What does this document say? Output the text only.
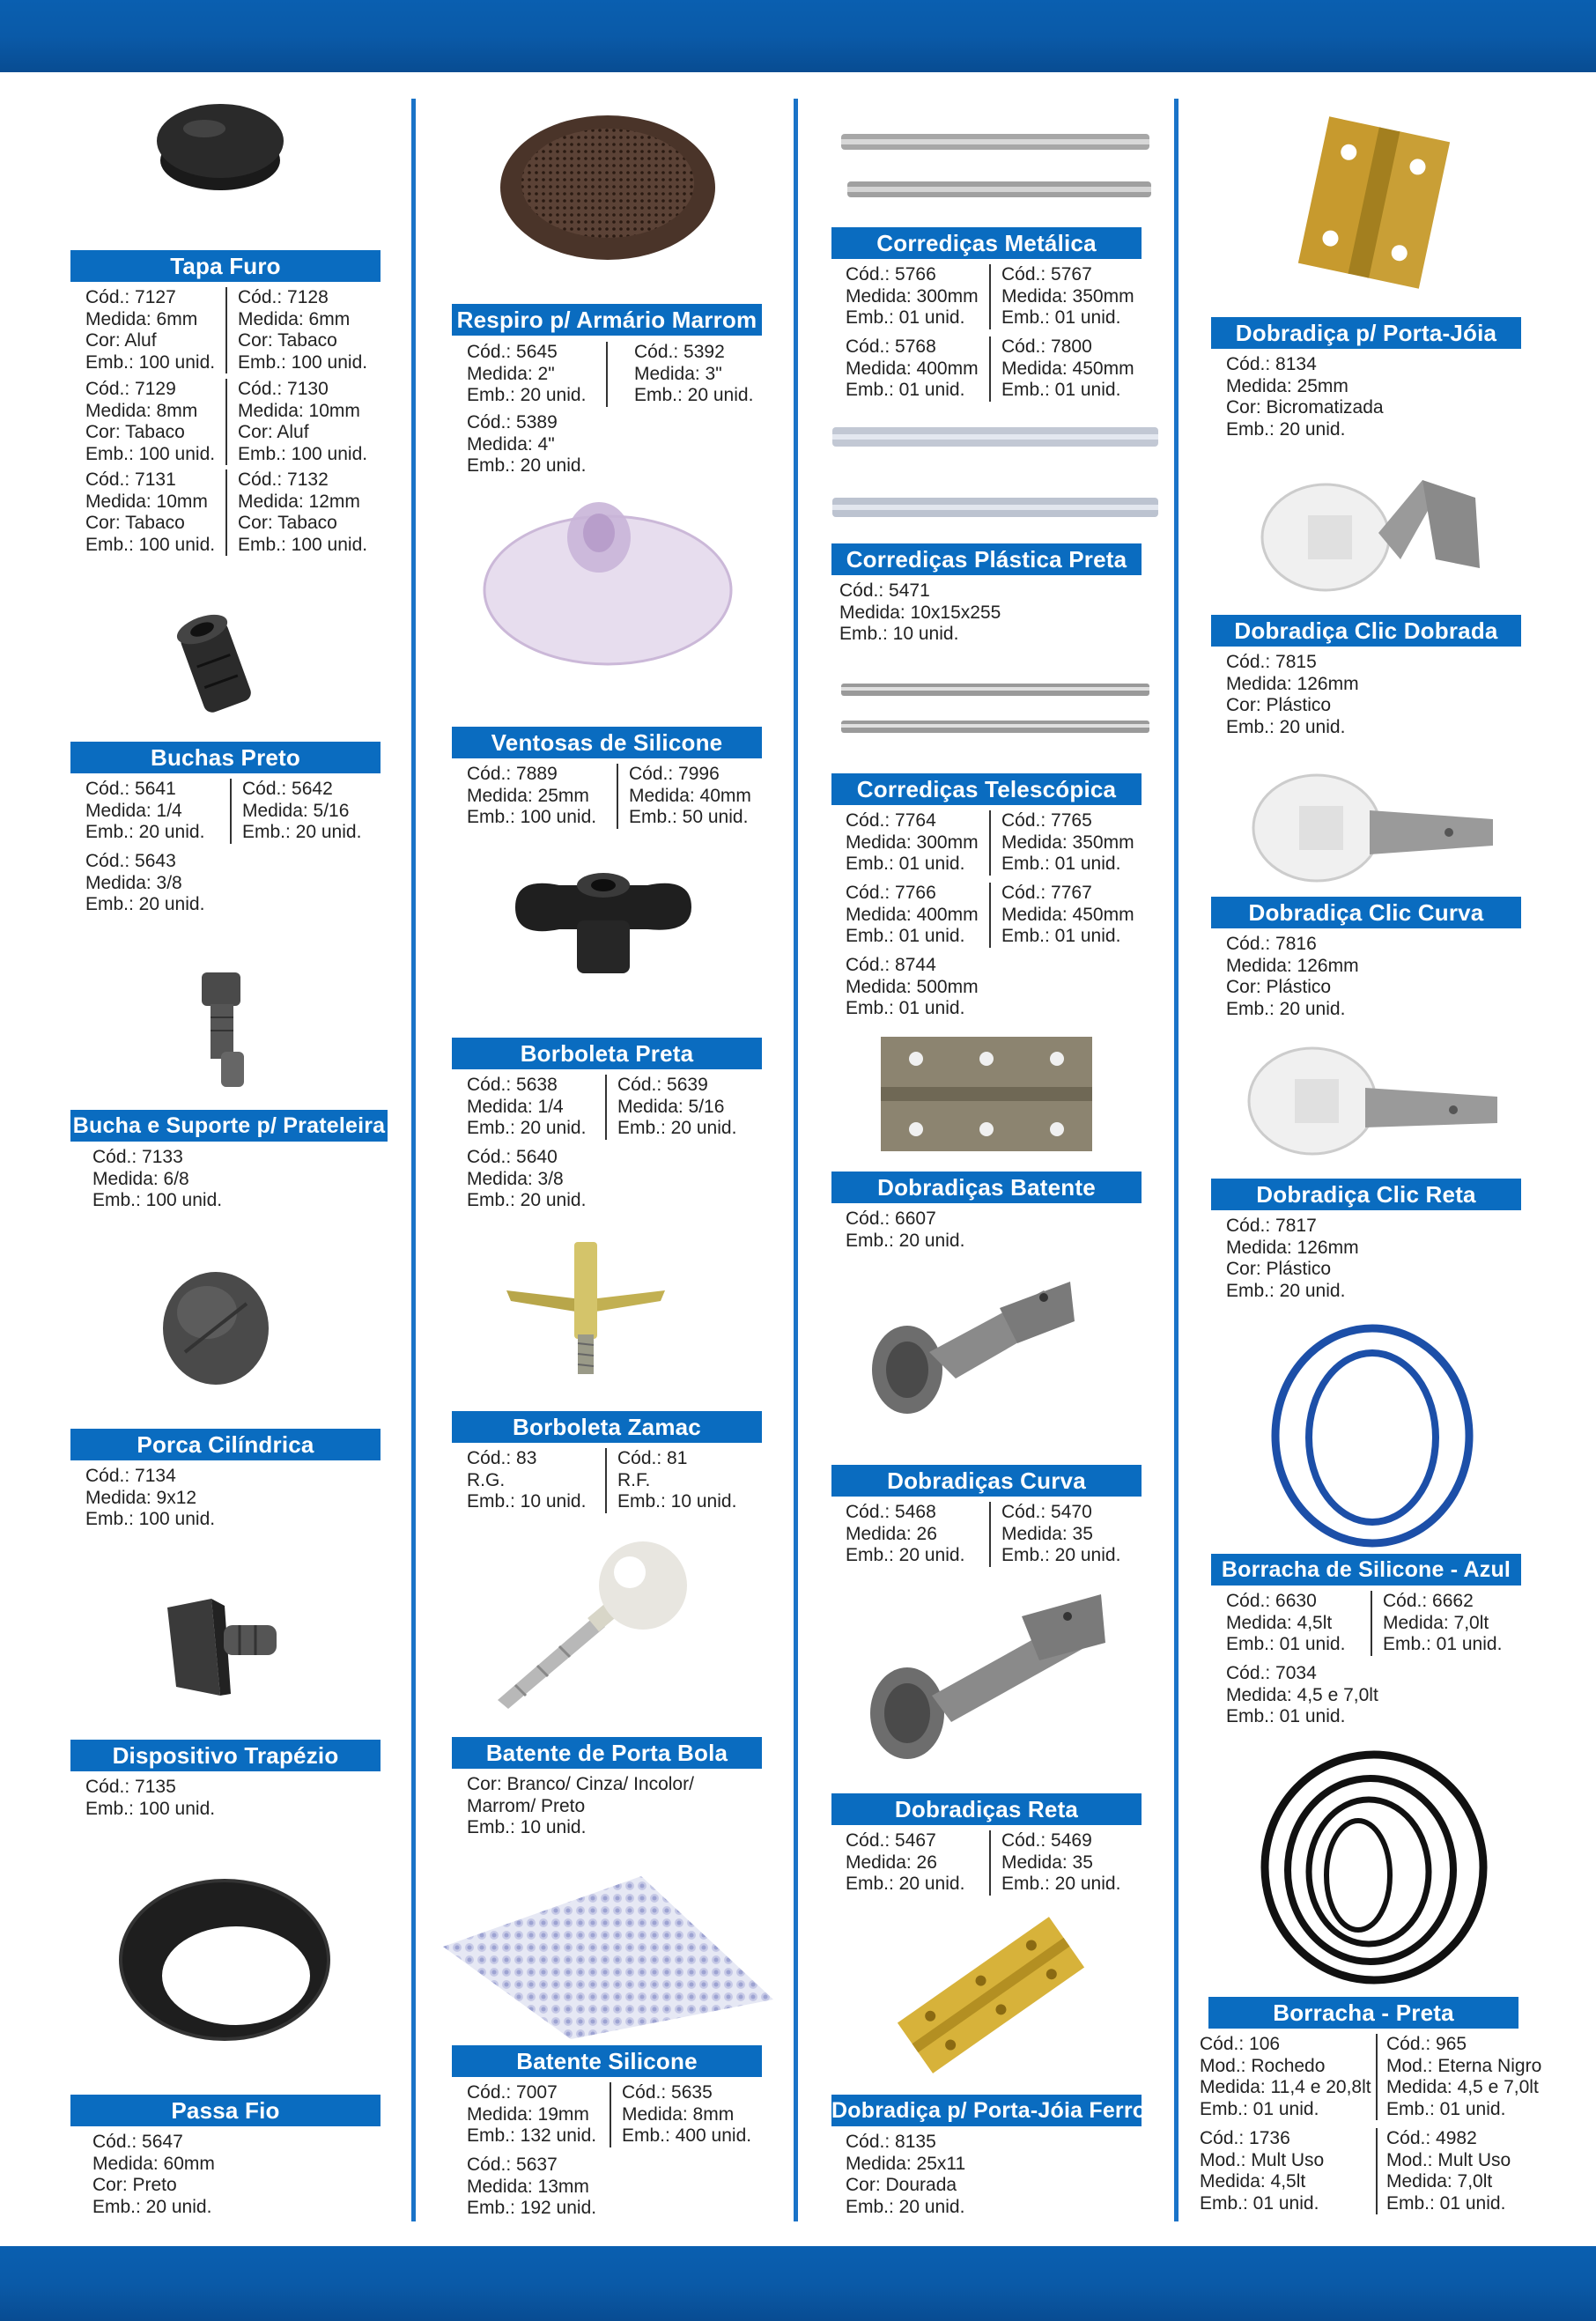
Tapa Furo
Cód.: 7127
Medida: 6mm
Cor: Aluf
Emb.: 100 unid.
Cód.: 7128
Medida: 6mm
Cor: Tabaco
Emb.: 100 unid.
Cód.: 7129
Medida: 8mm
Cor: Tabaco
Emb.: 100 unid.
Cód.: 7130
Medida: 10mm
Cor: Aluf
Emb.: 100 unid.
Cód.: 7131
Medida: 10mm
Cor: Tabaco
Emb.: 100 unid.
Cód.: 7132
Medida: 12mm
Cor: Tabaco
Emb.: 100 unid.
Buchas Preto
Cód.: 5641
Medida: 1/4
Emb.: 20 unid.
Cód.: 5642
Medida: 5/16
Emb.: 20 unid.
Cód.: 5643
Medida: 3/8
Emb.: 20 unid.
Bucha e Suporte p/ Prateleira
Cód.: 7133
Medida: 6/8
Emb.: 100 unid.
Porca Cilíndrica
Cód.: 7134
Medida: 9x12
Emb.: 100 unid.
Dispositivo Trapézio
Cód.: 7135
Emb.: 100 unid.
Passa Fio
Cód.: 5647
Medida: 60mm
Cor: Preto
Emb.: 20 unid.
Respiro p/ Armário Marrom
Cód.: 5645
Medida: 2"
Emb.: 20 unid.
Cód.: 5392
Medida: 3"
Emb.: 20 unid.
Cód.: 5389
Medida: 4"
Emb.: 20 unid.
Ventosas de Silicone
Cód.: 7889
Medida: 25mm
Emb.: 100 unid.
Cód.: 7996
Medida: 40mm
Emb.: 50 unid.
Borboleta Preta
Cód.: 5638
Medida: 1/4
Emb.: 20 unid.
Cód.: 5639
Medida: 5/16
Emb.: 20 unid.
Cód.: 5640
Medida: 3/8
Emb.: 20 unid.
Borboleta Zamac
Cód.: 83
R.G.
Emb.: 10 unid.
Cód.: 81
R.F.
Emb.: 10 unid.
Batente de Porta Bola
Cor: Branco/ Cinza/ Incolor/
Marrom/ Preto
Emb.: 10 unid.
Batente Silicone
Cód.: 7007
Medida: 19mm
Emb.: 132 unid.
Cód.: 5635
Medida: 8mm
Emb.: 400 unid.
Cód.: 5637
Medida: 13mm
Emb.: 192 unid.
Corrediças Metálica
Cód.: 5766
Medida: 300mm
Emb.: 01 unid.
Cód.: 5767
Medida: 350mm
Emb.: 01 unid.
Cód.: 5768
Medida: 400mm
Emb.: 01 unid.
Cód.: 7800
Medida: 450mm
Emb.: 01 unid.
Corrediças Plástica Preta
Cód.: 5471
Medida: 10x15x255
Emb.: 10 unid.
Corrediças Telescópica
Cód.: 7764
Medida: 300mm
Emb.: 01 unid.
Cód.: 7765
Medida: 350mm
Emb.: 01 unid.
Cód.: 7766
Medida: 400mm
Emb.: 01 unid.
Cód.: 7767
Medida: 450mm
Emb.: 01 unid.
Cód.: 8744
Medida: 500mm
Emb.: 01 unid.
Dobradiças Batente
Cód.: 6607
Emb.: 20 unid.
Dobradiças Curva
Cód.: 5468
Medida: 26
Emb.: 20 unid.
Cód.: 5470
Medida: 35
Emb.: 20 unid.
Dobradiças Reta
Cód.: 5467
Medida: 26
Emb.: 20 unid.
Cód.: 5469
Medida: 35
Emb.: 20 unid.
Dobradiça p/ Porta-Jóia Ferro
Cód.: 8135
Medida: 25x11
Cor: Dourada
Emb.: 20 unid.
Dobradiça p/ Porta-Jóia
Cód.: 8134
Medida: 25mm
Cor: Bicromatizada
Emb.: 20 unid.
Dobradiça Clic Dobrada
Cód.: 7815
Medida: 126mm
Cor: Plástico
Emb.: 20 unid.
Dobradiça Clic Curva
Cód.: 7816
Medida: 126mm
Cor: Plástico
Emb.: 20 unid.
Dobradiça Clic Reta
Cód.: 7817
Medida: 126mm
Cor: Plástico
Emb.: 20 unid.
Borracha de Silicone - Azul
Cód.: 6630
Medida: 4,5lt
Emb.: 01 unid.
Cód.: 6662
Medida: 7,0lt
Emb.: 01 unid.
Cód.: 7034
Medida: 4,5 e 7,0lt
Emb.: 01 unid.
Borracha - Preta
Cód.: 106
Mod.: Rochedo
Medida: 11,4 e 20,8lt
Emb.: 01 unid.
Cód.: 965
Mod.: Eterna Nigro
Medida: 4,5 e 7,0lt
Emb.: 01 unid.
Cód.: 1736
Mod.: Mult Uso
Medida: 4,5lt
Emb.: 01 unid.
Cód.: 4982
Mod.: Mult Uso
Medida: 7,0lt
Emb.: 01 unid.
